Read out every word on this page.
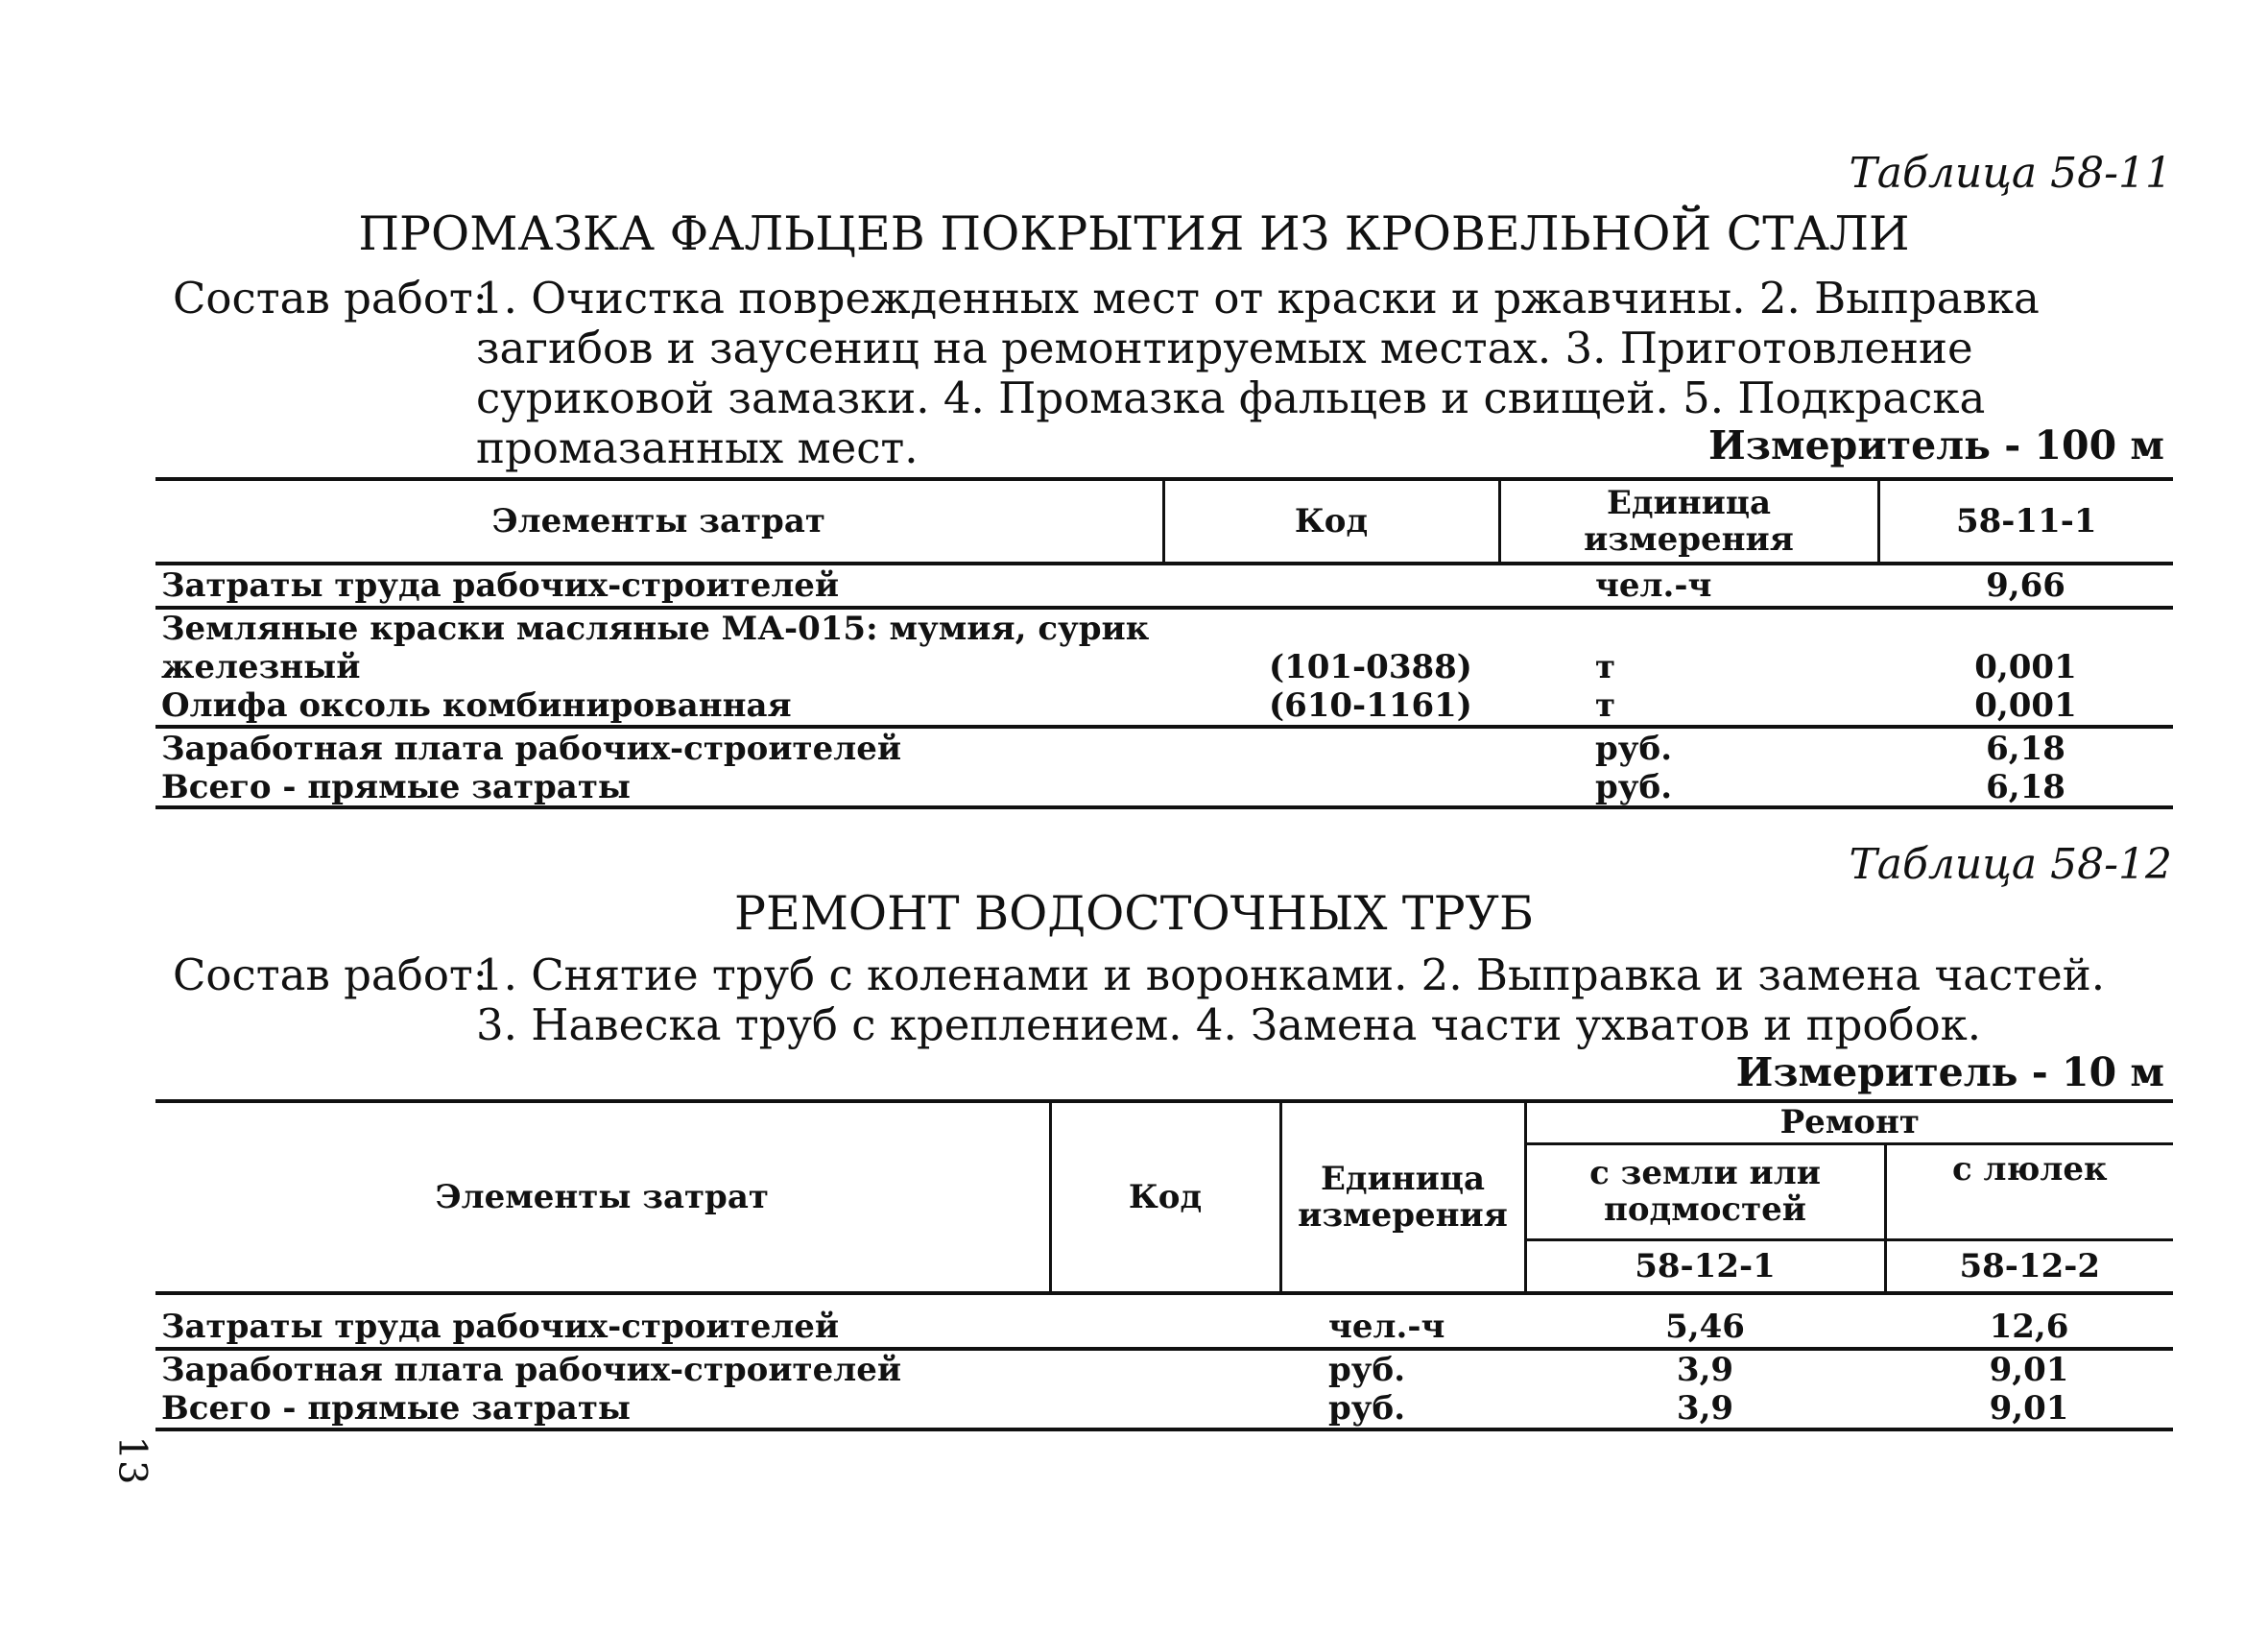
Таблица 58-11
ПРОМАЗКА ФАЛЬЦЕВ ПОКРЫТИЯ ИЗ КРОВЕЛЬНОЙ СТАЛИ
Состав работ:
1. Очистка поврежденных мест от краски и ржавчины. 2. Выправка загибов и заусениц на ремонтируемых местах. 3. Приготовление суриковой замазки. 4. Промазка фальцев и свищей. 5. Подкраска промазанных мест.	Измеритель - 100 м
Элементы затрат	Код	Единица измерения	58-11-1
Затраты труда рабочих-строителей		чел.-ч	9,66
Земляные краски масляные МА-015: мумия, сурик			
железный	(101-0388)	т	0,001
Олифа оксоль комбинированная	(610-1161)	т	0,001
Заработная плата рабочих-строителей		руб.	6,18
Всего - прямые затраты		руб.	6,18
Таблица 58-12
РЕМОНТ ВОДОСТОЧНЫХ ТРУБ
Состав работ:
1. Снятие труб с коленами и воронками. 2. Выправка и замена частей. 3. Навеска труб с креплением. 4. Замена части ухватов и пробок.
Измеритель - 10 м
Элементы затрат	Код	Единица измерения	Ремонт	
			с земли или подмостей	с люлек
			58-12-1	58-12-2
Затраты труда рабочих-строителей		чел.-ч	5,46	12,6
Заработная плата рабочих-строителей		руб.	3,9	9,01
Всего - прямые затраты		руб.	3,9	9,01
13
